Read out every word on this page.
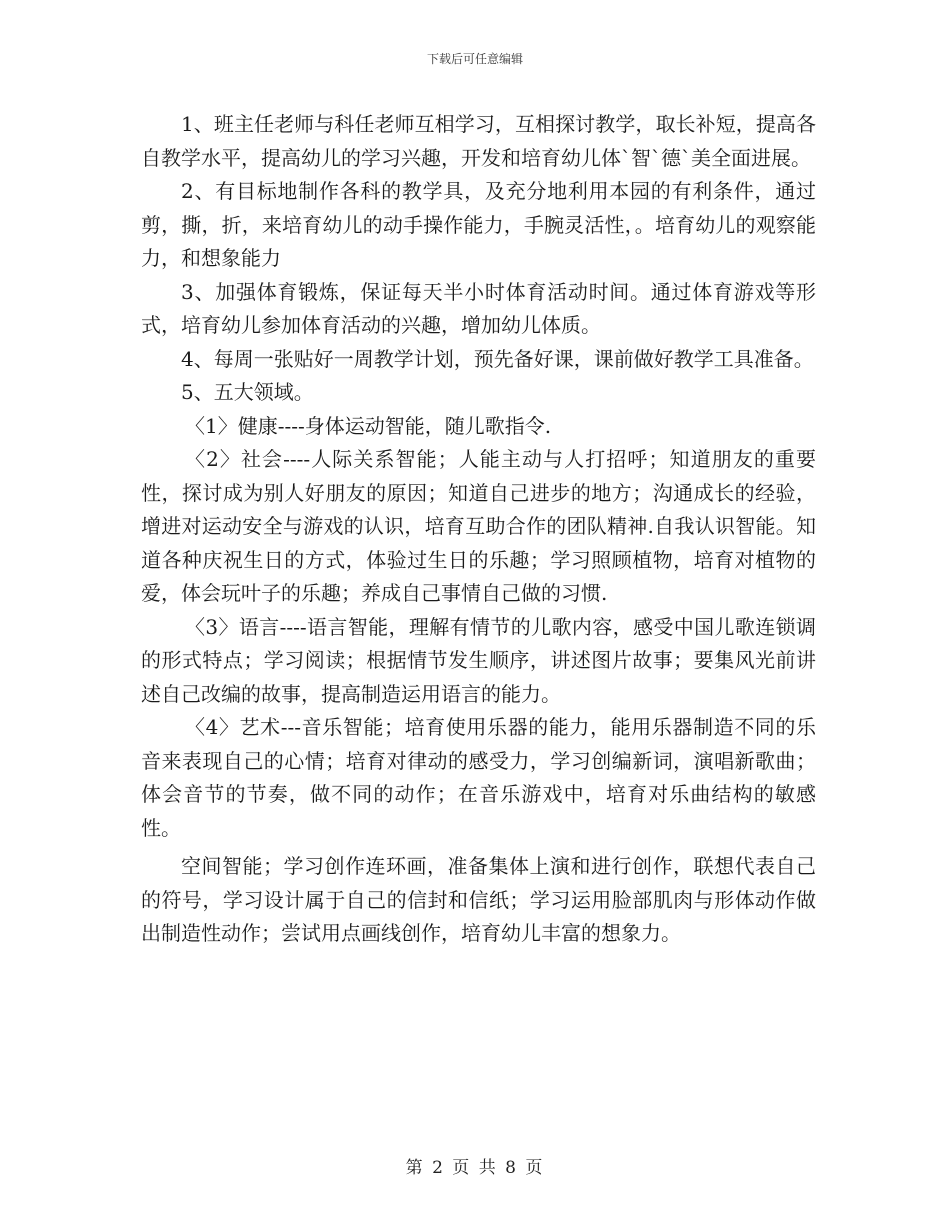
下载后可任意编辑

1、班主任老师与科任老师互相学习，互相探讨教学，取长补短，提高各自教学水平，提高幼儿的学习兴趣，开发和培育幼儿体`智`德`美全面进展。

2、有目标地制作各科的教学具，及充分地利用本园的有利条件，通过剪，撕，折，来培育幼儿的动手操作能力，手腕灵活性，。培育幼儿的观察能力，和想象能力

3、加强体育锻炼，保证每天半小时体育活动时间。通过体育游戏等形式，培育幼儿参加体育活动的兴趣，增加幼儿体质。

4、每周一张贴好一周教学计划，预先备好课，课前做好教学工具准备。

5、五大领域。

〈1〉健康----身体运动智能，随儿歌指令.

〈2〉社会----人际关系智能；人能主动与人打招呼；知道朋友的重要性，探讨成为别人好朋友的原因；知道自己进步的地方；沟通成长的经验，增进对运动安全与游戏的认识，培育互助合作的团队精神.自我认识智能。知道各种庆祝生日的方式，体验过生日的乐趣；学习照顾植物，培育对植物的爱，体会玩叶子的乐趣；养成自己事情自己做的习惯.

〈3〉语言----语言智能，理解有情节的儿歌内容，感受中国儿歌连锁调的形式特点；学习阅读；根据情节发生顺序，讲述图片故事；要集风光前讲述自己改编的故事，提高制造运用语言的能力。

〈4〉艺术---音乐智能；培育使用乐器的能力，能用乐器制造不同的乐音来表现自己的心情；培育对律动的感受力，学习创编新词，演唱新歌曲；体会音节的节奏，做不同的动作；在音乐游戏中，培育对乐曲结构的敏感性。

空间智能；学习创作连环画，准备集体上演和进行创作，联想代表自己的符号，学习设计属于自己的信封和信纸；学习运用脸部肌肉与形体动作做出制造性动作；尝试用点画线创作，培育幼儿丰富的想象力。

第 2 页 共 8 页
